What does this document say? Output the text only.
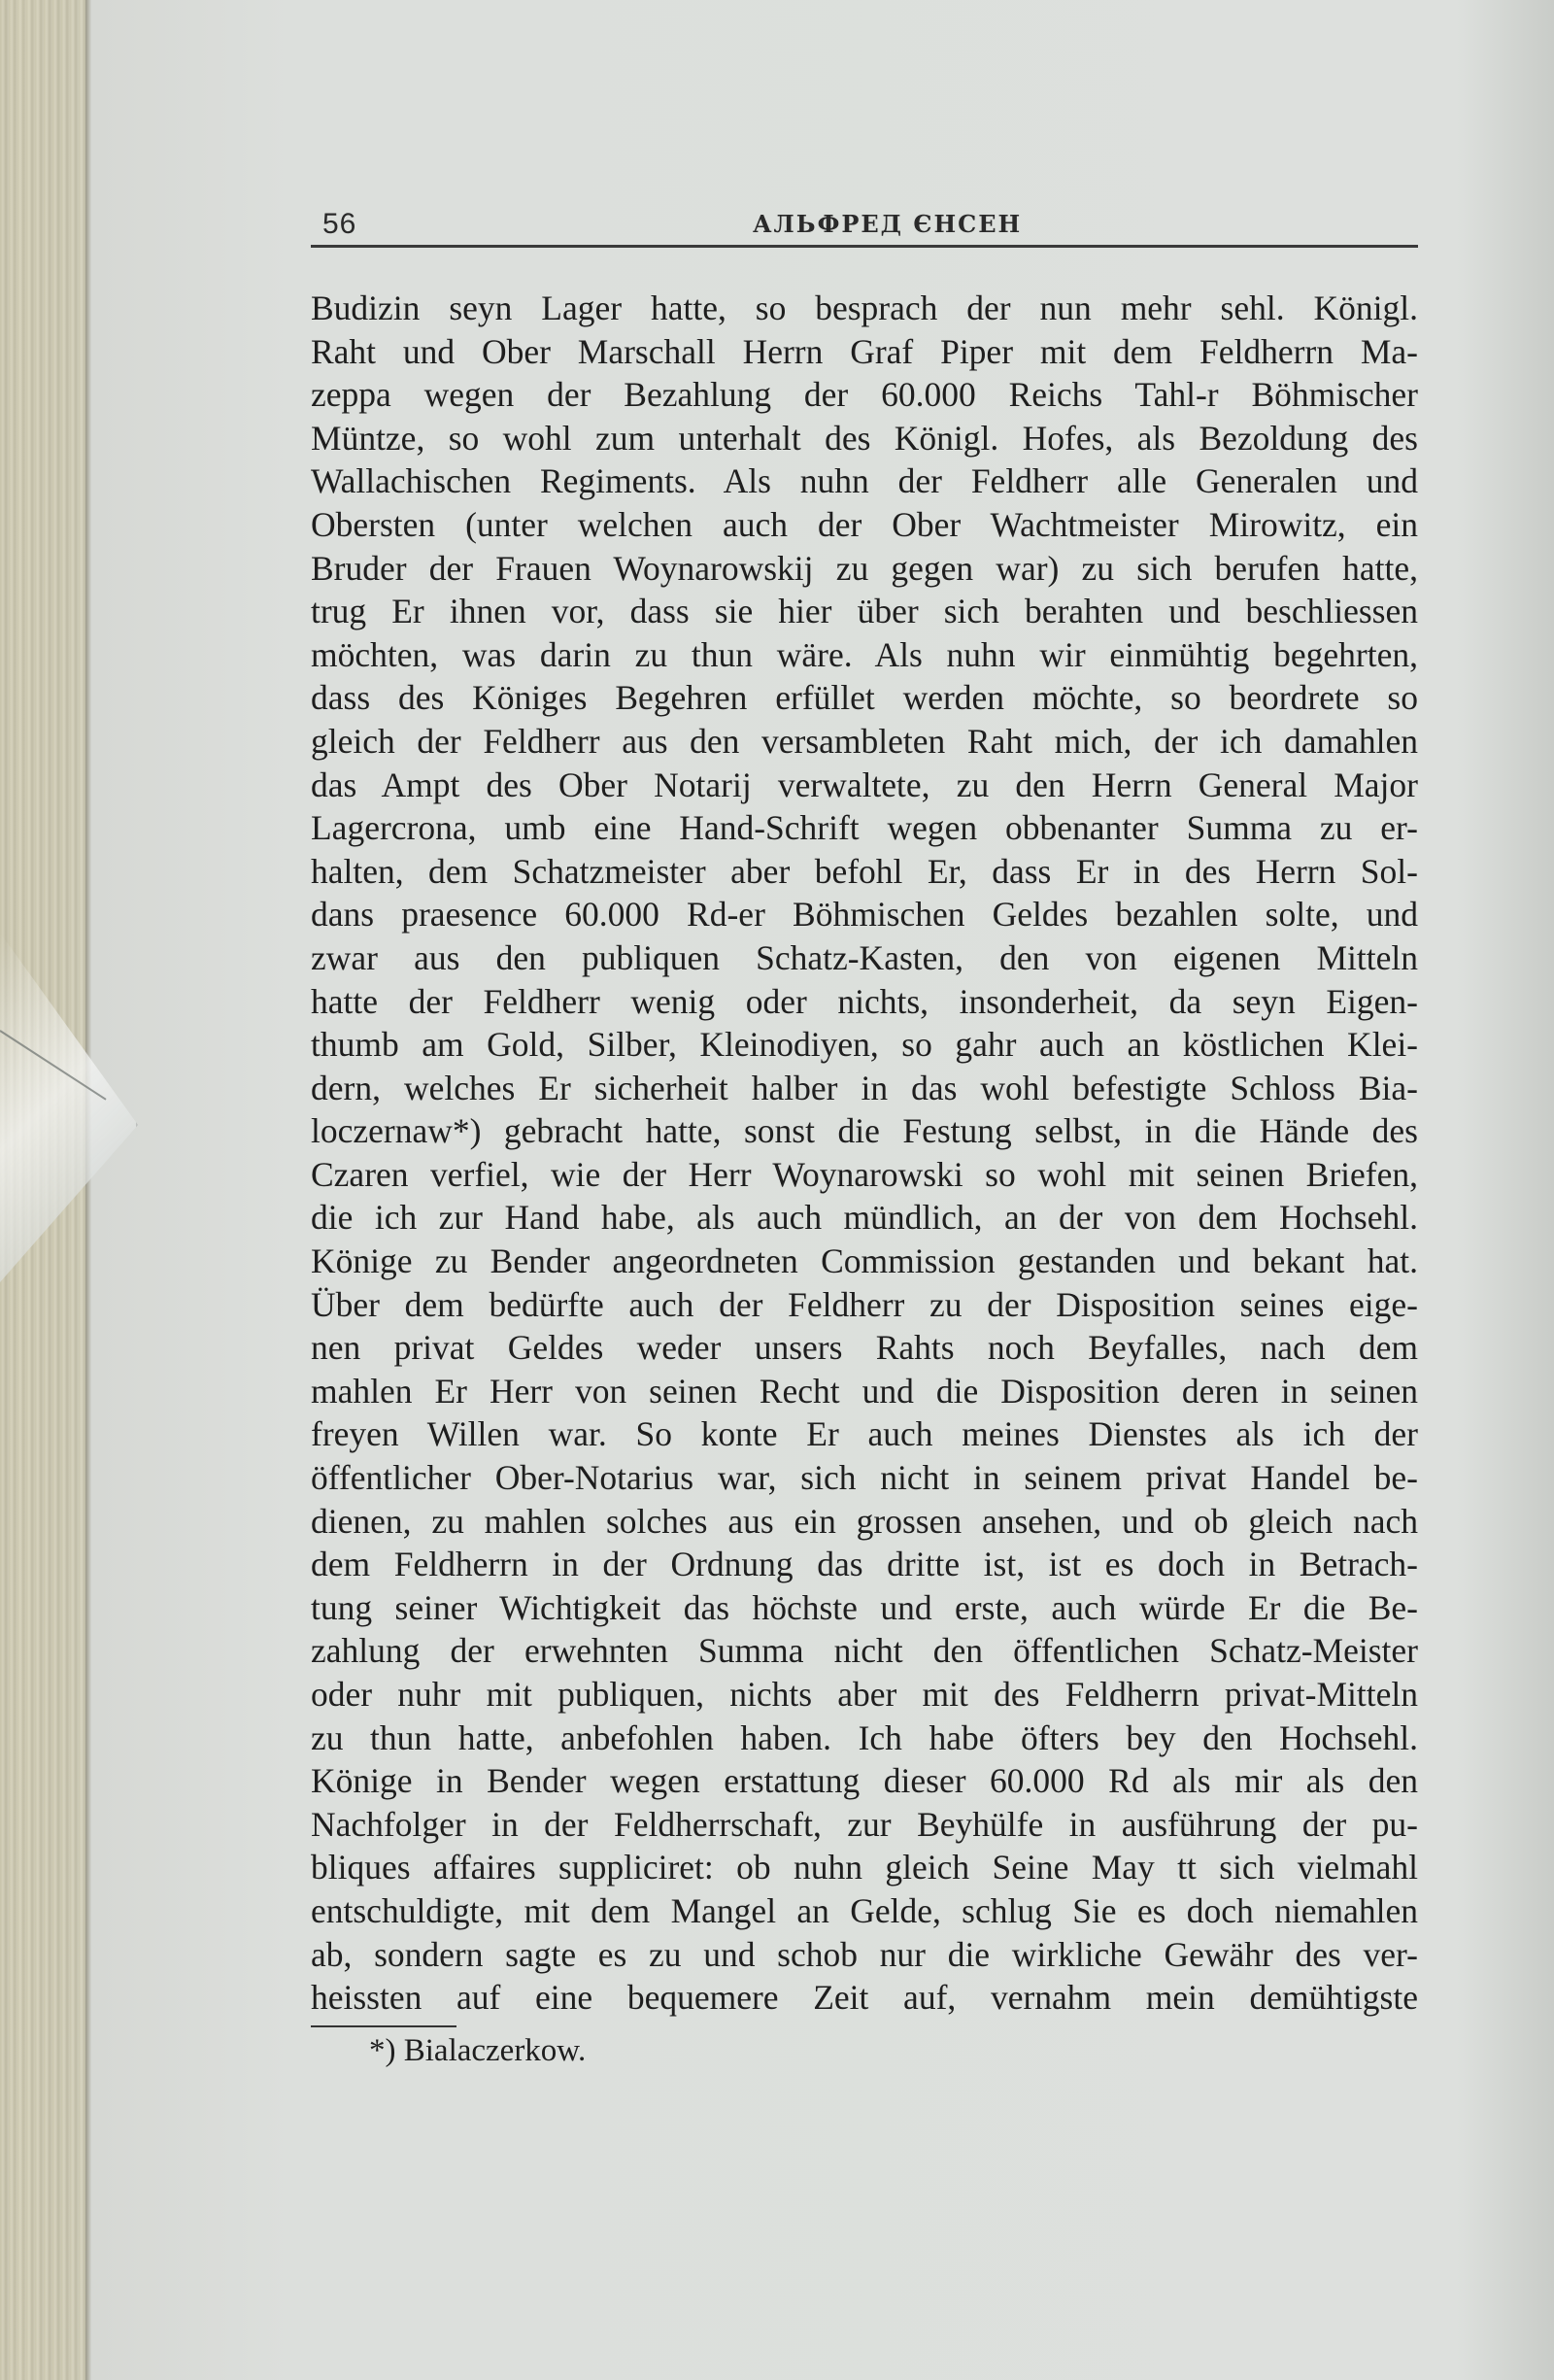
56	АЛЬФРЕД ЄНСЕН
Budizin seyn Lager hatte, so besprach der nun mehr sehl. Königl.
Raht und Ober Marschall Herrn Graf Piper mit dem Feldherrn Ma-
zeppa wegen der Bezahlung der 60.000 Reichs Tahl-r Böhmischer
Müntze, so wohl zum unterhalt des Königl. Hofes, als Bezoldung des
Wallachischen Regiments. Als nuhn der Feldherr alle Generalen und
Obersten (unter welchen auch der Ober Wachtmeister Mirowitz, ein
Bruder der Frauen Woynarowskij zu gegen war) zu sich berufen hatte,
trug Er ihnen vor, dass sie hier über sich berahten und beschliessen
möchten, was darin zu thun wäre. Als nuhn wir einmühtig begehrten,
dass des Königes Begehren erfüllet werden möchte, so beordrete so
gleich der Feldherr aus den versambleten Raht mich, der ich damahlen
das Ampt des Ober Notarij verwaltete, zu den Herrn General Major
Lagercrona, umb eine Hand-Schrift wegen obbenanter Summa zu er-
halten, dem Schatzmeister aber befohl Er, dass Er in des Herrn Sol-
dans praesence 60.000 Rd-er Böhmischen Geldes bezahlen solte, und
zwar aus den publiquen Schatz-Kasten, den von eigenen Mitteln
hatte der Feldherr wenig oder nichts, insonderheit, da seyn Eigen-
thumb am Gold, Silber, Kleinodiyen, so gahr auch an köstlichen Klei-
dern, welches Er sicherheit halber in das wohl befestigte Schloss Bia-
loczernaw*) gebracht hatte, sonst die Festung selbst, in die Hände des
Czaren verfiel, wie der Herr Woynarowski so wohl mit seinen Briefen,
die ich zur Hand habe, als auch mündlich, an der von dem Hochsehl.
Könige zu Bender angeordneten Commission gestanden und bekant hat.
Über dem bedürfte auch der Feldherr zu der Disposition seines eige-
nen privat Geldes weder unsers Rahts noch Beyfalles, nach dem
mahlen Er Herr von seinen Recht und die Disposition deren in seinen
freyen Willen war. So konte Er auch meines Dienstes als ich der
öffentlicher Ober-Notarius war, sich nicht in seinem privat Handel be-
dienen, zu mahlen solches aus ein grossen ansehen, und ob gleich nach
dem Feldherrn in der Ordnung das dritte ist, ist es doch in Betrach-
tung seiner Wichtigkeit das höchste und erste, auch würde Er die Be-
zahlung der erwehnten Summa nicht den öffentlichen Schatz-Meister
oder nuhr mit publiquen, nichts aber mit des Feldherrn privat-Mitteln
zu thun hatte, anbefohlen haben. Ich habe öfters bey den Hochsehl.
Könige in Bender wegen erstattung dieser 60.000 Rd als mir als den
Nachfolger in der Feldherrschaft, zur Beyhülfe in ausführung der pu-
bliques affaires suppliciret: ob nuhn gleich Seine May tt sich vielmahl
entschuldigte, mit dem Mangel an Gelde, schlug Sie es doch niemahlen
ab, sondern sagte es zu und schob nur die wirkliche Gewähr des ver-
heissten auf eine bequemere Zeit auf, vernahm mein demühtigste
*) Bialaczerkow.
